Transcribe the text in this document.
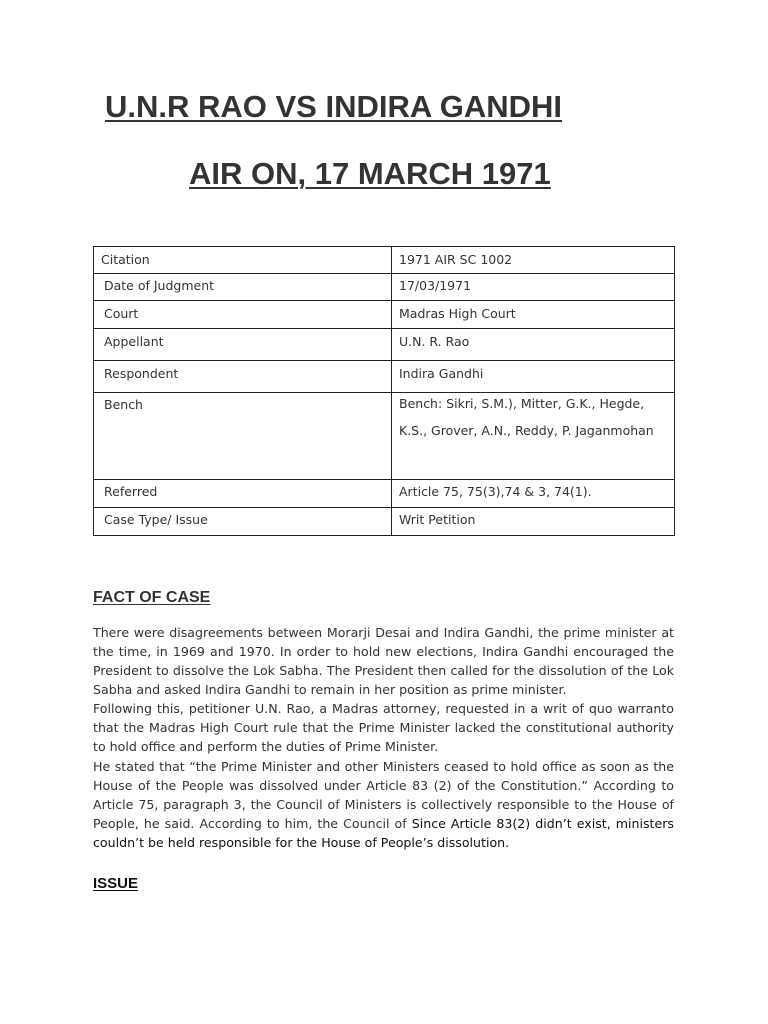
U.N.R RAO VS INDIRA GANDHI
AIR ON, 17 MARCH 1971
Citation	1971 AIR SC 1002

Date of Judgment	17/03/1971

Court	Madras High Court

Appellant	U.N. R. Rao

Respondent	Indira Gandhi

Bench	Bench: Sikri, S.M.), Mitter, G.K., Hegde, K.S., Grover, A.N., Reddy, P. Jaganmohan

Referred	Article 75, 75(3),74 & 3, 74(1).

Case Type/ Issue	Writ Petition
FACT OF CASE

There were disagreements between Morarji Desai and Indira Gandhi, the prime minister at the time, in 1969 and 1970. In order to hold new elections, Indira Gandhi encouraged the President to dissolve the Lok Sabha. The President then called for the dissolution of the Lok Sabha and asked Indira Gandhi to remain in her position as prime minister.

Following this, petitioner U.N. Rao, a Madras attorney, requested in a writ of quo warranto that the Madras High Court rule that the Prime Minister lacked the constitutional authority to hold office and perform the duties of Prime Minister.

He stated that “the Prime Minister and other Ministers ceased to hold office as soon as the House of the People was dissolved under Article 83 (2) of the Constitution.” According to Article 75, paragraph 3, the Council of Ministers is collectively responsible to the House of People, he said. According to him, the Council of Since Article 83(2) didn’t exist, ministers couldn’t be held responsible for the House of People’s dissolution.

ISSUE
